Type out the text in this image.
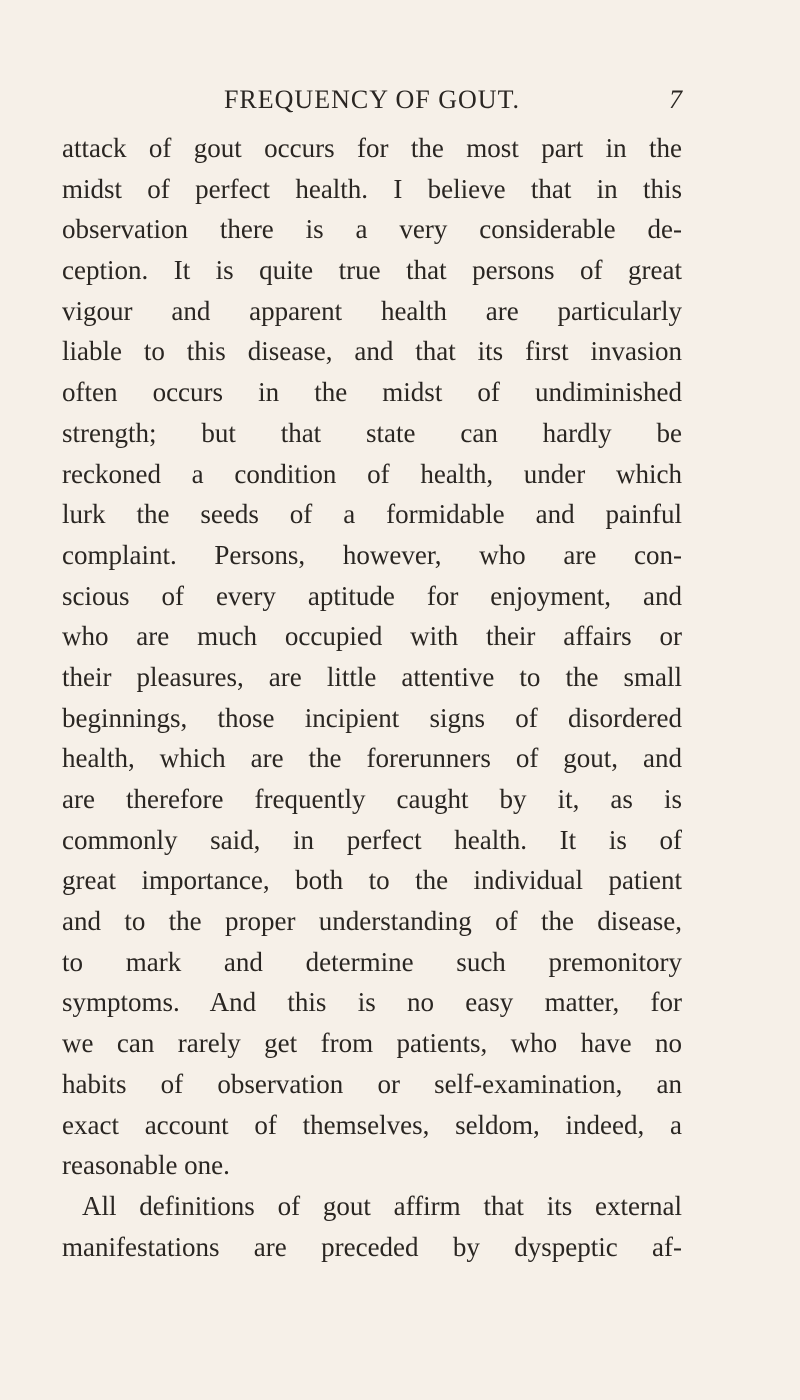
FREQUENCY OF GOUT.	7
attack of gout occurs for the most part in the
midst of perfect health. I believe that in this
observation there is a very considerable de-
ception. It is quite true that persons of great
vigour and apparent health are particularly
liable to this disease, and that its first invasion
often occurs in the midst of undiminished
strength; but that state can hardly be
reckoned a condition of health, under which
lurk the seeds of a formidable and painful
complaint. Persons, however, who are con-
scious of every aptitude for enjoyment, and
who are much occupied with their affairs or
their pleasures, are little attentive to the small
beginnings, those incipient signs of disordered
health, which are the forerunners of gout, and
are therefore frequently caught by it, as is
commonly said, in perfect health. It is of
great importance, both to the individual patient
and to the proper understanding of the disease,
to mark and determine such premonitory
symptoms. And this is no easy matter, for
we can rarely get from patients, who have no
habits of observation or self-examination, an
exact account of themselves, seldom, indeed, a
reasonable one.
All definitions of gout affirm that its external
manifestations are preceded by dyspeptic af-
